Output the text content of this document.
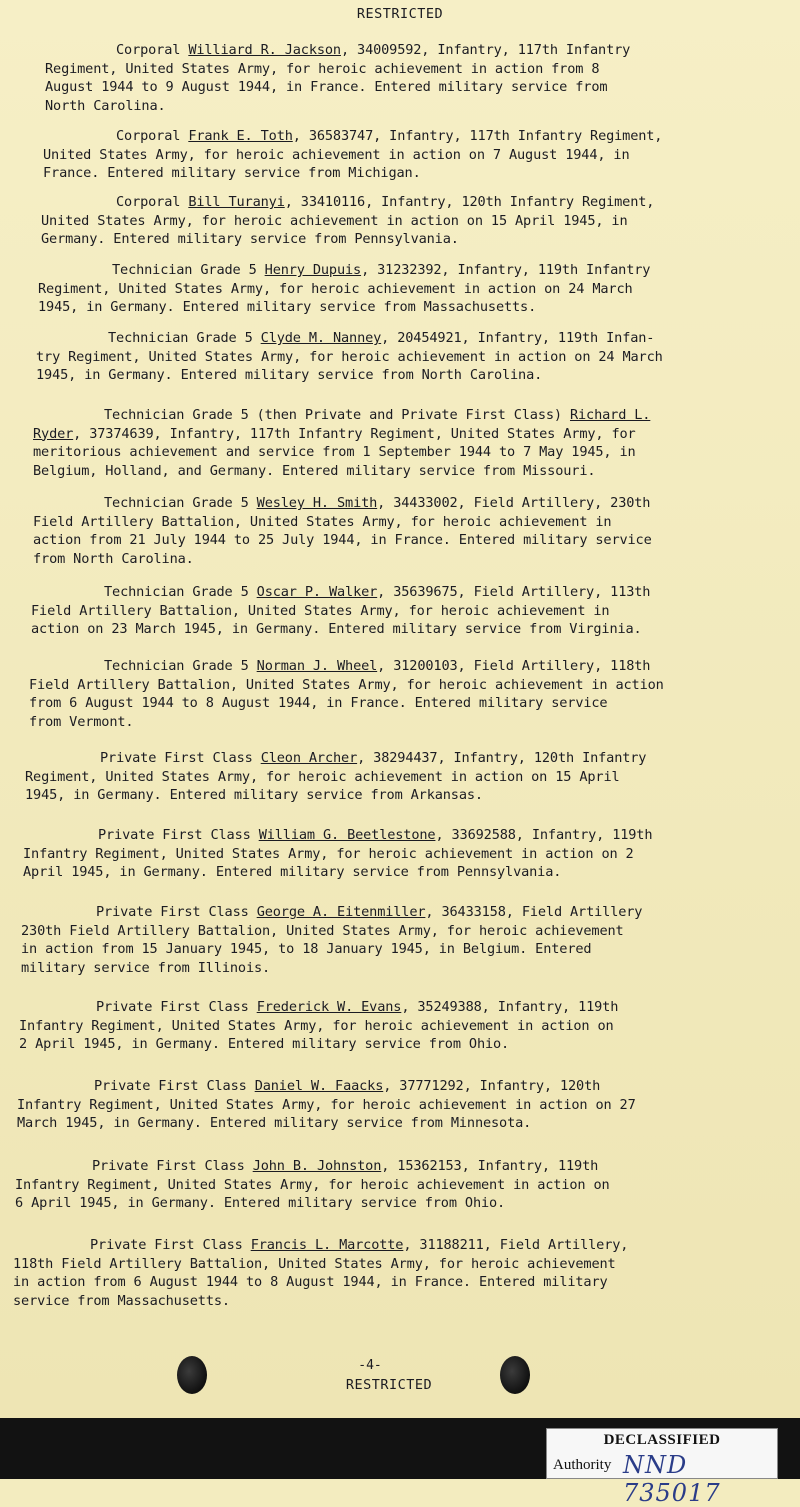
RESTRICTED
Corporal Williard R. Jackson, 34009592, Infantry, 117th Infantry
Regiment, United States Army, for heroic achievement in action from 8
August 1944 to 9 August 1944, in France. Entered military service from
North Carolina.
Corporal Frank E. Toth, 36583747, Infantry, 117th Infantry Regiment,
United States Army, for heroic achievement in action on 7 August 1944, in
France. Entered military service from Michigan.
Corporal Bill Turanyi, 33410116, Infantry, 120th Infantry Regiment,
United States Army, for heroic achievement in action on 15 April 1945, in
Germany. Entered military service from Pennsylvania.
Technician Grade 5 Henry Dupuis, 31232392, Infantry, 119th Infantry
Regiment, United States Army, for heroic achievement in action on 24 March
1945, in Germany. Entered military service from Massachusetts.
Technician Grade 5 Clyde M. Nanney, 20454921, Infantry, 119th Infan-
try Regiment, United States Army, for heroic achievement in action on 24 March
1945, in Germany. Entered military service from North Carolina.
Technician Grade 5 (then Private and Private First Class) Richard L.
Ryder, 37374639, Infantry, 117th Infantry Regiment, United States Army, for
meritorious achievement and service from 1 September 1944 to 7 May 1945, in
Belgium, Holland, and Germany. Entered military service from Missouri.
Technician Grade 5 Wesley H. Smith, 34433002, Field Artillery, 230th
Field Artillery Battalion, United States Army, for heroic achievement in
action from 21 July 1944 to 25 July 1944, in France. Entered military service
from North Carolina.
Technician Grade 5 Oscar P. Walker, 35639675, Field Artillery, 113th
Field Artillery Battalion, United States Army, for heroic achievement in
action on 23 March 1945, in Germany. Entered military service from Virginia.
Technician Grade 5 Norman J. Wheel, 31200103, Field Artillery, 118th
Field Artillery Battalion, United States Army, for heroic achievement in action
from 6 August 1944 to 8 August 1944, in France. Entered military service
from Vermont.
Private First Class Cleon Archer, 38294437, Infantry, 120th Infantry
Regiment, United States Army, for heroic achievement in action on 15 April
1945, in Germany. Entered military service from Arkansas.
Private First Class William G. Beetlestone, 33692588, Infantry, 119th
Infantry Regiment, United States Army, for heroic achievement in action on 2
April 1945, in Germany. Entered military service from Pennsylvania.
Private First Class George A. Eitenmiller, 36433158, Field Artillery
230th Field Artillery Battalion, United States Army, for heroic achievement
in action from 15 January 1945, to 18 January 1945, in Belgium. Entered
military service from Illinois.
Private First Class Frederick W. Evans, 35249388, Infantry, 119th
Infantry Regiment, United States Army, for heroic achievement in action on
2 April 1945, in Germany. Entered military service from Ohio.
Private First Class Daniel W. Faacks, 37771292, Infantry, 120th
Infantry Regiment, United States Army, for heroic achievement in action on 27
March 1945, in Germany. Entered military service from Minnesota.
Private First Class John B. Johnston, 15362153, Infantry, 119th
Infantry Regiment, United States Army, for heroic achievement in action on
6 April 1945, in Germany. Entered military service from Ohio.
Private First Class Francis L. Marcotte, 31188211, Field Artillery,
118th Field Artillery Battalion, United States Army, for heroic achievement
in action from 6 August 1944 to 8 August 1944, in France. Entered military
service from Massachusetts.
-4-
RESTRICTED
DECLASSIFIED
Authority NND 735017
